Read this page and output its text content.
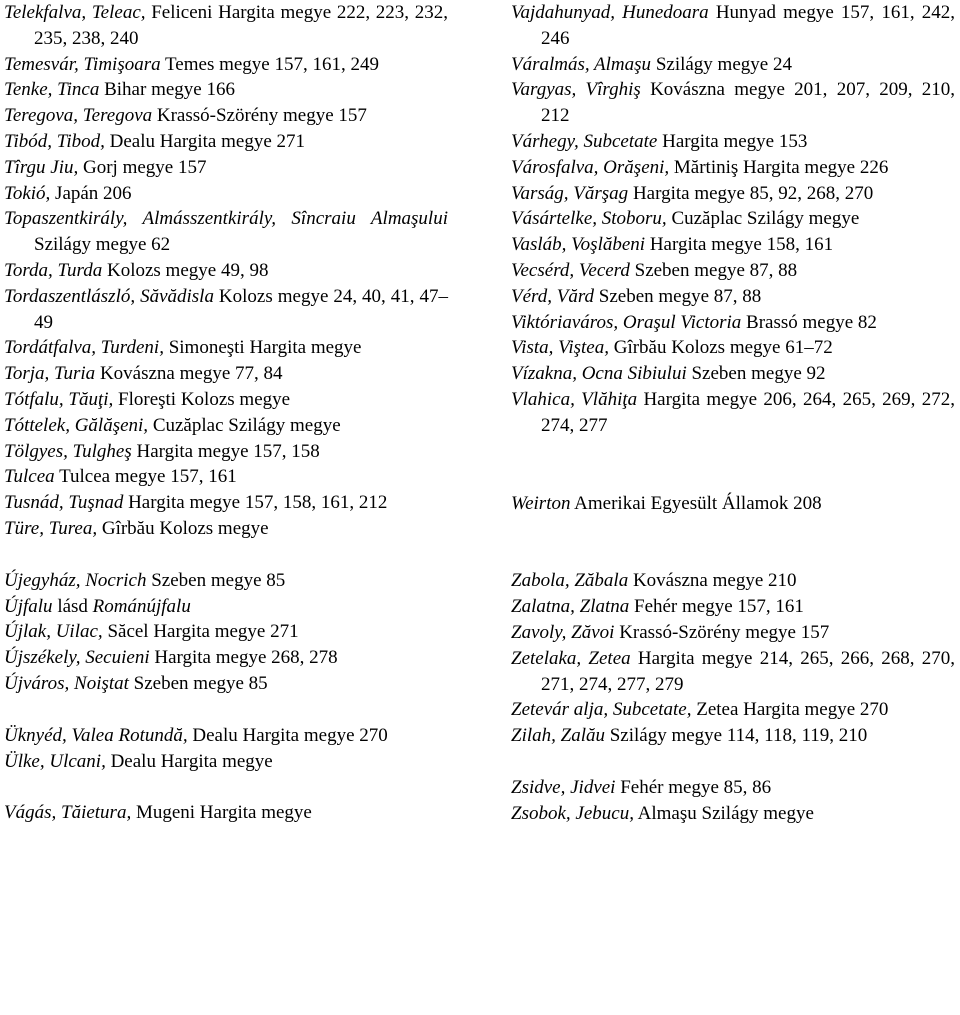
Telekfalva, Teleac, Feliceni Hargita megye 222, 223, 232, 235, 238, 240

Temesvár, Timişoara Temes megye 157, 161, 249

Tenke, Tinca Bihar megye 166

Teregova, Teregova Krassó-Szörény megye 157

Tibód, Tibod, Dealu Hargita megye 271

Tîrgu Jiu, Gorj megye 157

Tokió, Japán 206

Topaszentkirály, Almásszentkirály, Sîncraiu Almaşului Szilágy megye 62

Torda, Turda Kolozs megye 49, 98

Tordaszentlászló, Săvădisla Kolozs megye 24, 40, 41, 47–49

Tordátfalva, Turdeni, Simoneşti Hargita megye

Torja, Turia Kovászna megye 77, 84

Tótfalu, Tăuţi, Floreşti Kolozs megye

Tóttelek, Gălăşeni, Cuzăplac Szilágy megye

Tölgyes, Tulgheş Hargita megye 157, 158

Tulcea Tulcea megye 157, 161

Tusnád, Tuşnad Hargita megye 157, 158, 161, 212

Türe, Turea, Gîrbău Kolozs megye

Újegyház, Nocrich Szeben megye 85

Újfalu lásd Románújfalu

Újlak, Uilac, Săcel Hargita megye 271

Újszékely, Secuieni Hargita megye 268, 278

Újváros, Noiştat Szeben megye 85

Üknyéd, Valea Rotundă, Dealu Hargita megye 270

Ülke, Ulcani, Dealu Hargita megye

Vágás, Tăietura, Mugeni Hargita megye

Vajdahunyad, Hunedoara Hunyad megye 157, 161, 242, 246

Váralmás, Almaşu Szilágy megye 24

Vargyas, Vîrghiş Kovászna megye 201, 207, 209, 210, 212

Várhegy, Subcetate Hargita megye 153

Városfalva, Orăşeni, Mărtiniş Hargita megye 226

Varság, Vărşag Hargita megye 85, 92, 268, 270

Vásártelke, Stoboru, Cuzăplac Szilágy megye

Vasláb, Voşlăbeni Hargita megye 158, 161

Vecsérd, Vecerd Szeben megye 87, 88

Vérd, Vărd Szeben megye 87, 88

Viktóriaváros, Oraşul Victoria Brassó megye 82

Vista, Viştea, Gîrbău Kolozs megye 61–72

Vízakna, Ocna Sibiului Szeben megye 92

Vlahica, Vlăhiţa Hargita megye 206, 264, 265, 269, 272, 274, 277

Weirton Amerikai Egyesült Államok 208

Zabola, Zăbala Kovászna megye 210

Zalatna, Zlatna Fehér megye 157, 161

Zavoly, Zăvoi Krassó-Szörény megye 157

Zetelaka, Zetea Hargita megye 214, 265, 266, 268, 270, 271, 274, 277, 279

Zetevár alja, Subcetate, Zetea Hargita megye 270

Zilah, Zalău Szilágy megye 114, 118, 119, 210

Zsidve, Jidvei Fehér megye 85, 86

Zsobok, Jebucu, Almaşu Szilágy megye
